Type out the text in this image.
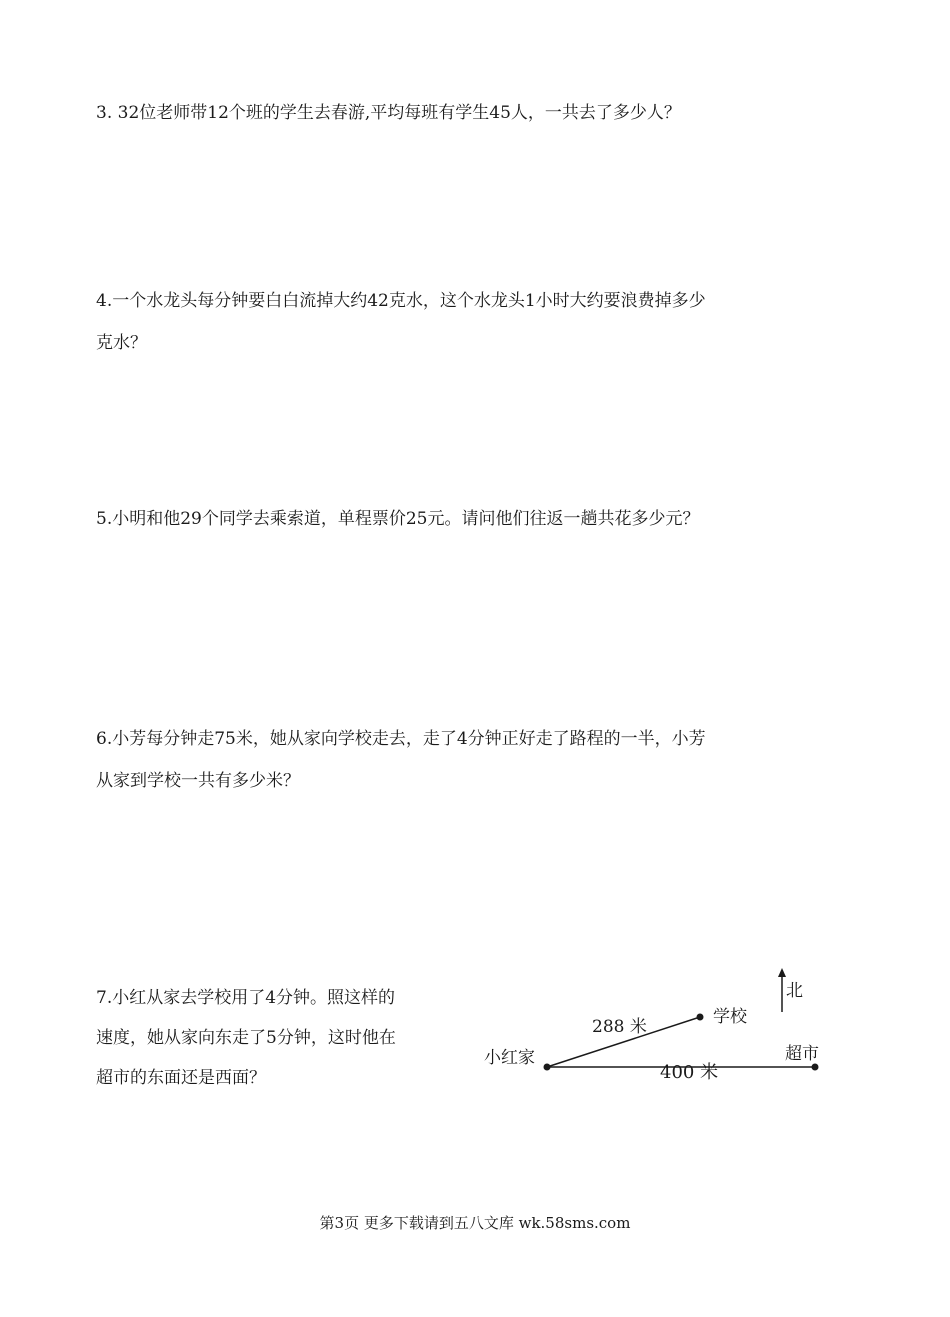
3. 32位老师带12个班的学生去春游,平均每班有学生45人，一共去了多少人？
4.一个水龙头每分钟要白白流掉大约42克水，这个水龙头1小时大约要浪费掉多少
克水？
5.小明和他29个同学去乘索道，单程票价25元。请问他们往返一趟共花多少元？
6.小芳每分钟走75米，她从家向学校走去，走了4分钟正好走了路程的一半，小芳
从家到学校一共有多少米？
7.小红从家去学校用了4分钟。照这样的
速度，她从家向东走了5分钟，这时他在
超市的东面还是西面？
北
小红家
学校
超市
288 米
400 米
第3页 更多下载请到五八文库 wk.58sms.com
